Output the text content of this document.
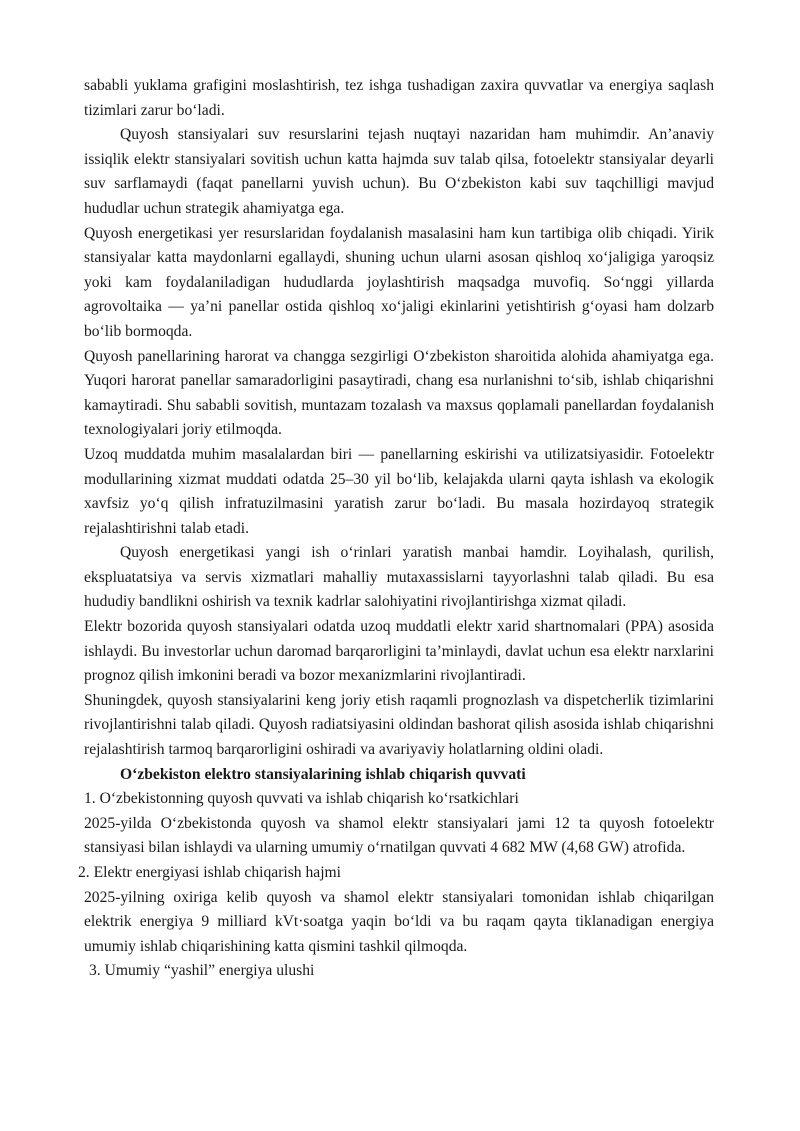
sababli yuklama grafigini moslashtirish, tez ishga tushadigan zaxira quvvatlar va energiya saqlash tizimlari zarur bo‘ladi.

Quyosh stansiyalari suv resurslarini tejash nuqtayi nazaridan ham muhimdir. An’anaviy issiqlik elektr stansiyalari sovitish uchun katta hajmda suv talab qilsa, fotoelektr stansiyalar deyarli suv sarflamaydi (faqat panellarni yuvish uchun). Bu O‘zbekiston kabi suv taqchilligi mavjud hududlar uchun strategik ahamiyatga ega.

Quyosh energetikasi yer resurslaridan foydalanish masalasini ham kun tartibiga olib chiqadi. Yirik stansiyalar katta maydonlarni egallaydi, shuning uchun ularni asosan qishloq xo‘jaligiga yaroqsiz yoki kam foydalaniladigan hududlarda joylashtirish maqsadga muvofiq. So‘nggi yillarda agrovoltaika — ya’ni panellar ostida qishloq xo‘jaligi ekinlarini yetishtirish g‘oyasi ham dolzarb bo‘lib bormoqda.

Quyosh panellarining harorat va changga sezgirligi O‘zbekiston sharoitida alohida ahamiyatga ega. Yuqori harorat panellar samaradorligini pasaytiradi, chang esa nurlanishni to‘sib, ishlab chiqarishni kamaytiradi. Shu sababli sovitish, muntazam tozalash va maxsus qoplamali panellardan foydalanish texnologiyalari joriy etilmoqda.

Uzoq muddatda muhim masalalardan biri — panellarning eskirishi va utilizatsiyasidir. Fotoelektr modullarining xizmat muddati odatda 25–30 yil bo‘lib, kelajakda ularni qayta ishlash va ekologik xavfsiz yo‘q qilish infratuzilmasini yaratish zarur bo‘ladi. Bu masala hozirdayoq strategik rejalashtirishni talab etadi.

Quyosh energetikasi yangi ish o‘rinlari yaratish manbai hamdir. Loyihalash, qurilish, ekspluatatsiya va servis xizmatlari mahalliy mutaxassislarni tayyorlashni talab qiladi. Bu esa hududiy bandlikni oshirish va texnik kadrlar salohiyatini rivojlantirishga xizmat qiladi.

Elektr bozorida quyosh stansiyalari odatda uzoq muddatli elektr xarid shartnomalari (PPA) asosida ishlaydi. Bu investorlar uchun daromad barqarorligini ta’minlaydi, davlat uchun esa elektr narxlarini prognoz qilish imkonini beradi va bozor mexanizmlarini rivojlantiradi.

Shuningdek, quyosh stansiyalarini keng joriy etish raqamli prognozlash va dispetcherlik tizimlarini rivojlantirishni talab qiladi. Quyosh radiatsiyasini oldindan bashorat qilish asosida ishlab chiqarishni rejalashtirish tarmoq barqarorligini oshiradi va avariyaviy holatlarning oldini oladi.

O‘zbekiston elektro stansiyalarining ishlab chiqarish quvvati

1. O‘zbekistonning quyosh quvvati va ishlab chiqarish ko‘rsatkichlari

2025-yilda O‘zbekistonda quyosh va shamol elektr stansiyalari jami 12 ta quyosh fotoelektr stansiyasi bilan ishlaydi va ularning umumiy o‘rnatilgan quvvati 4 682 MW (4,68 GW) atrofida.

2. Elektr energiyasi ishlab chiqarish hajmi

2025-yilning oxiriga kelib quyosh va shamol elektr stansiyalari tomonidan ishlab chiqarilgan elektrik energiya 9 milliard kVt·soatga yaqin bo‘ldi va bu raqam qayta tiklanadigan energiya umumiy ishlab chiqarishining katta qismini tashkil qilmoqda.

3. Umumiy “yashil” energiya ulushi
